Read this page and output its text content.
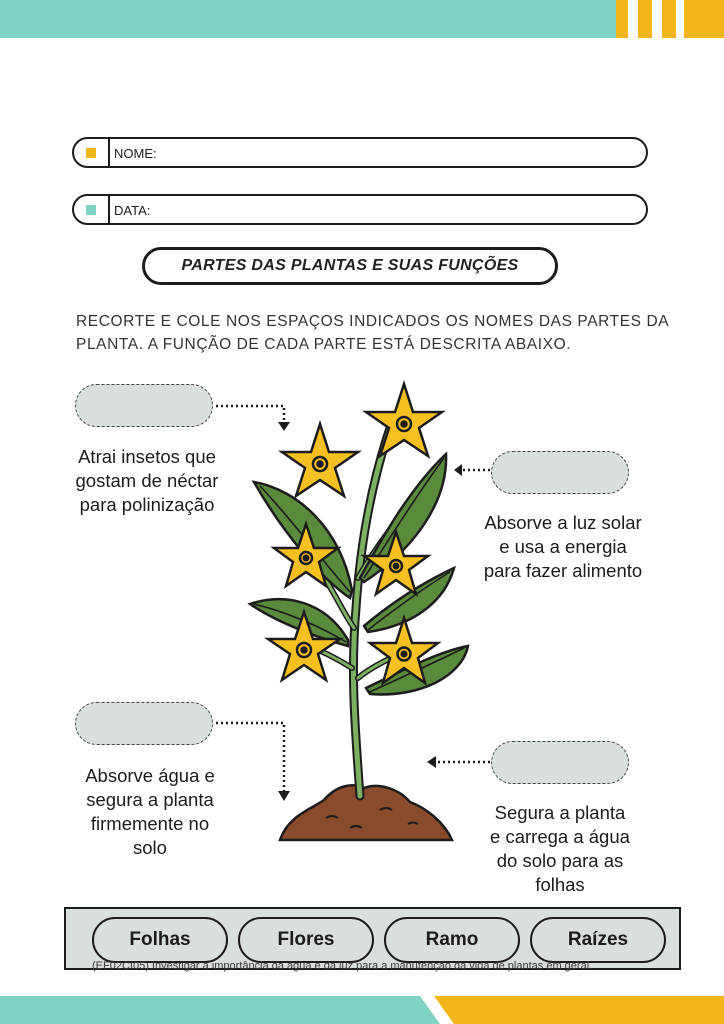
NOME:
DATA:
PARTES DAS PLANTAS E SUAS FUNÇÕES
RECORTE E COLE NOS ESPAÇOS INDICADOS OS NOMES DAS PARTES DA PLANTA. A FUNÇÃO DE CADA PARTE ESTÁ DESCRITA ABAIXO.
Atrai insetos que
gostam de néctar
para polinização
Absorve a luz solar
e usa a energia
para fazer alimento
Absorve água e
segura a planta
firmemente no
solo
Segura a planta
e carrega a água
do solo para as
folhas
Folhas	Flores	Ramo	Raízes
(EF02CI05) Investigar a importância da água e da luz para a manutenção da vida de plantas em geral.
